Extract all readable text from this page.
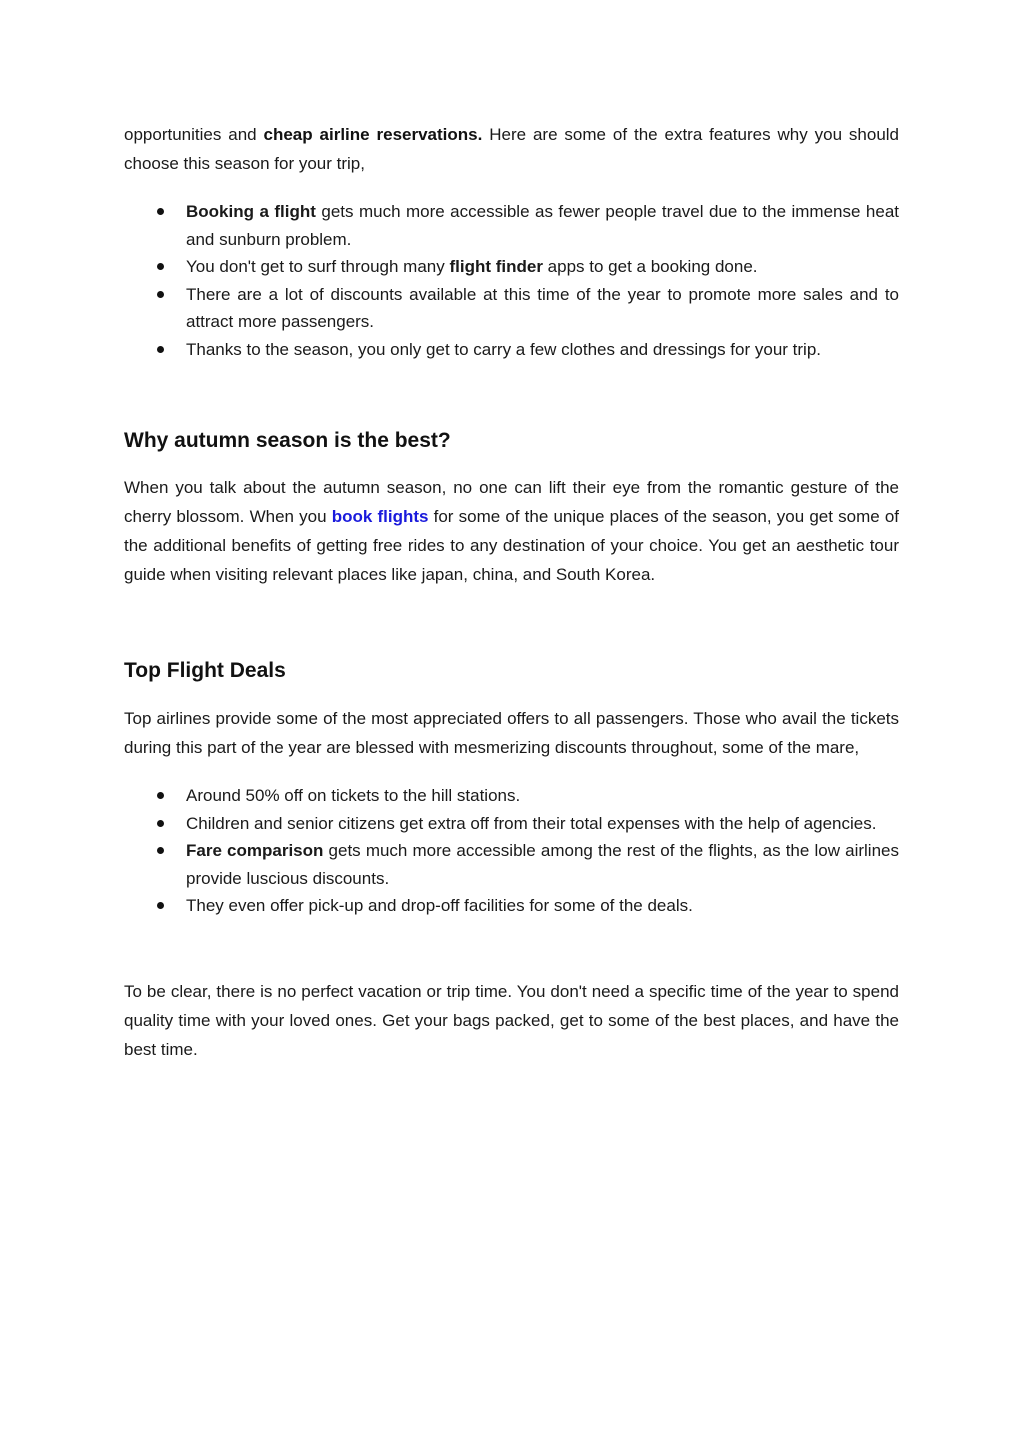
opportunities and cheap airline reservations. Here are some of the extra features why you should choose this season for your trip,

Booking a flight gets much more accessible as fewer people travel due to the immense heat and sunburn problem.
You don't get to surf through many flight finder apps to get a booking done.
There are a lot of discounts available at this time of the year to promote more sales and to attract more passengers.
Thanks to the season, you only get to carry a few clothes and dressings for your trip.
Why autumn season is the best?

When you talk about the autumn season, no one can lift their eye from the romantic gesture of the cherry blossom. When you book flights for some of the unique places of the season, you get some of the additional benefits of getting free rides to any destination of your choice. You get an aesthetic tour guide when visiting relevant places like japan, china, and South Korea.

Top Flight Deals

Top airlines provide some of the most appreciated offers to all passengers. Those who avail the tickets during this part of the year are blessed with mesmerizing discounts throughout, some of the mare,

Around 50% off on tickets to the hill stations.
Children and senior citizens get extra off from their total expenses with the help of agencies.
Fare comparison gets much more accessible among the rest of the flights, as the low airlines provide luscious discounts.
They even offer pick-up and drop-off facilities for some of the deals.

To be clear, there is no perfect vacation or trip time. You don't need a specific time of the year to spend quality time with your loved ones. Get your bags packed, get to some of the best places, and have the best time.
